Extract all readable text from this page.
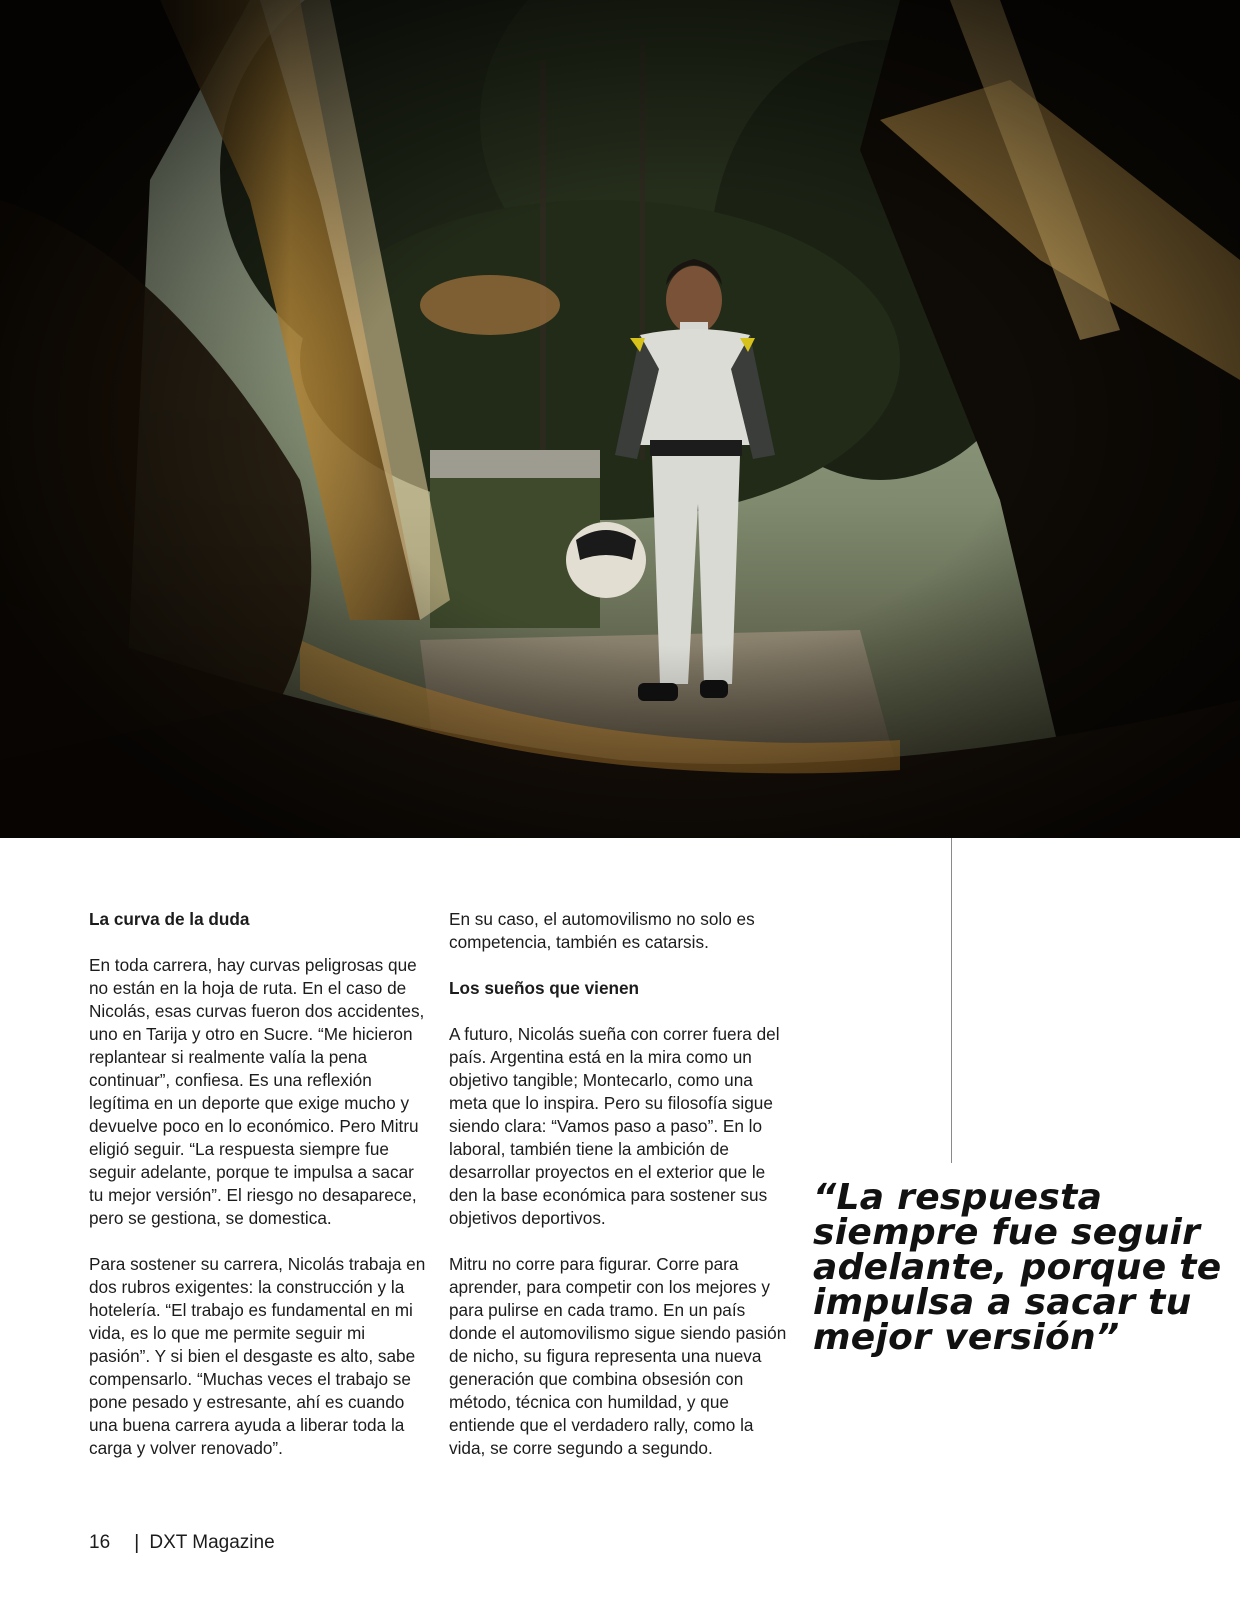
La curva de la duda

En toda carrera, hay curvas peligrosas que no están en la hoja de ruta. En el caso de Nicolás, esas curvas fueron dos accidentes, uno en Tarija y otro en Sucre. “Me hicieron replantear si realmente valía la pena continuar”, confiesa. Es una reflexión legítima en un deporte que exige mucho y devuelve poco en lo económico. Pero Mitru eligió seguir. “La respuesta siempre fue seguir adelante, porque te impulsa a sacar tu mejor versión”. El riesgo no desaparece, pero se gestiona, se domestica.

Para sostener su carrera, Nicolás trabaja en dos rubros exigentes: la construcción y la hotelería. “El trabajo es fundamental en mi vida, es lo que me permite seguir mi pasión”. Y si bien el desgaste es alto, sabe compensarlo. “Muchas veces el trabajo se pone pesado y estresante, ahí es cuando una buena carrera ayuda a liberar toda la carga y volver renovado”.

En su caso, el automovilismo no solo es competencia, también es catarsis.

Los sueños que vienen

A futuro, Nicolás sueña con correr fuera del país. Argentina está en la mira como un objetivo tangible; Montecarlo, como una meta que lo inspira. Pero su filosofía sigue siendo clara: “Vamos paso a paso”. En lo laboral, también tiene la ambición de desarrollar proyectos en el exterior que le den la base económica para sostener sus objetivos deportivos.

Mitru no corre para figurar. Corre para aprender, para competir con los mejores y para pulirse en cada tramo. En un país donde el automovilismo sigue siendo pasión de nicho, su figura representa una nueva generación que combina obsesión con método, técnica con humildad, y que entiende que el verdadero rally, como la vida, se corre segundo a segundo.

“La respuesta siempre fue seguir adelante, porque te impulsa a sacar tu mejor versión”

16 | DXT Magazine
